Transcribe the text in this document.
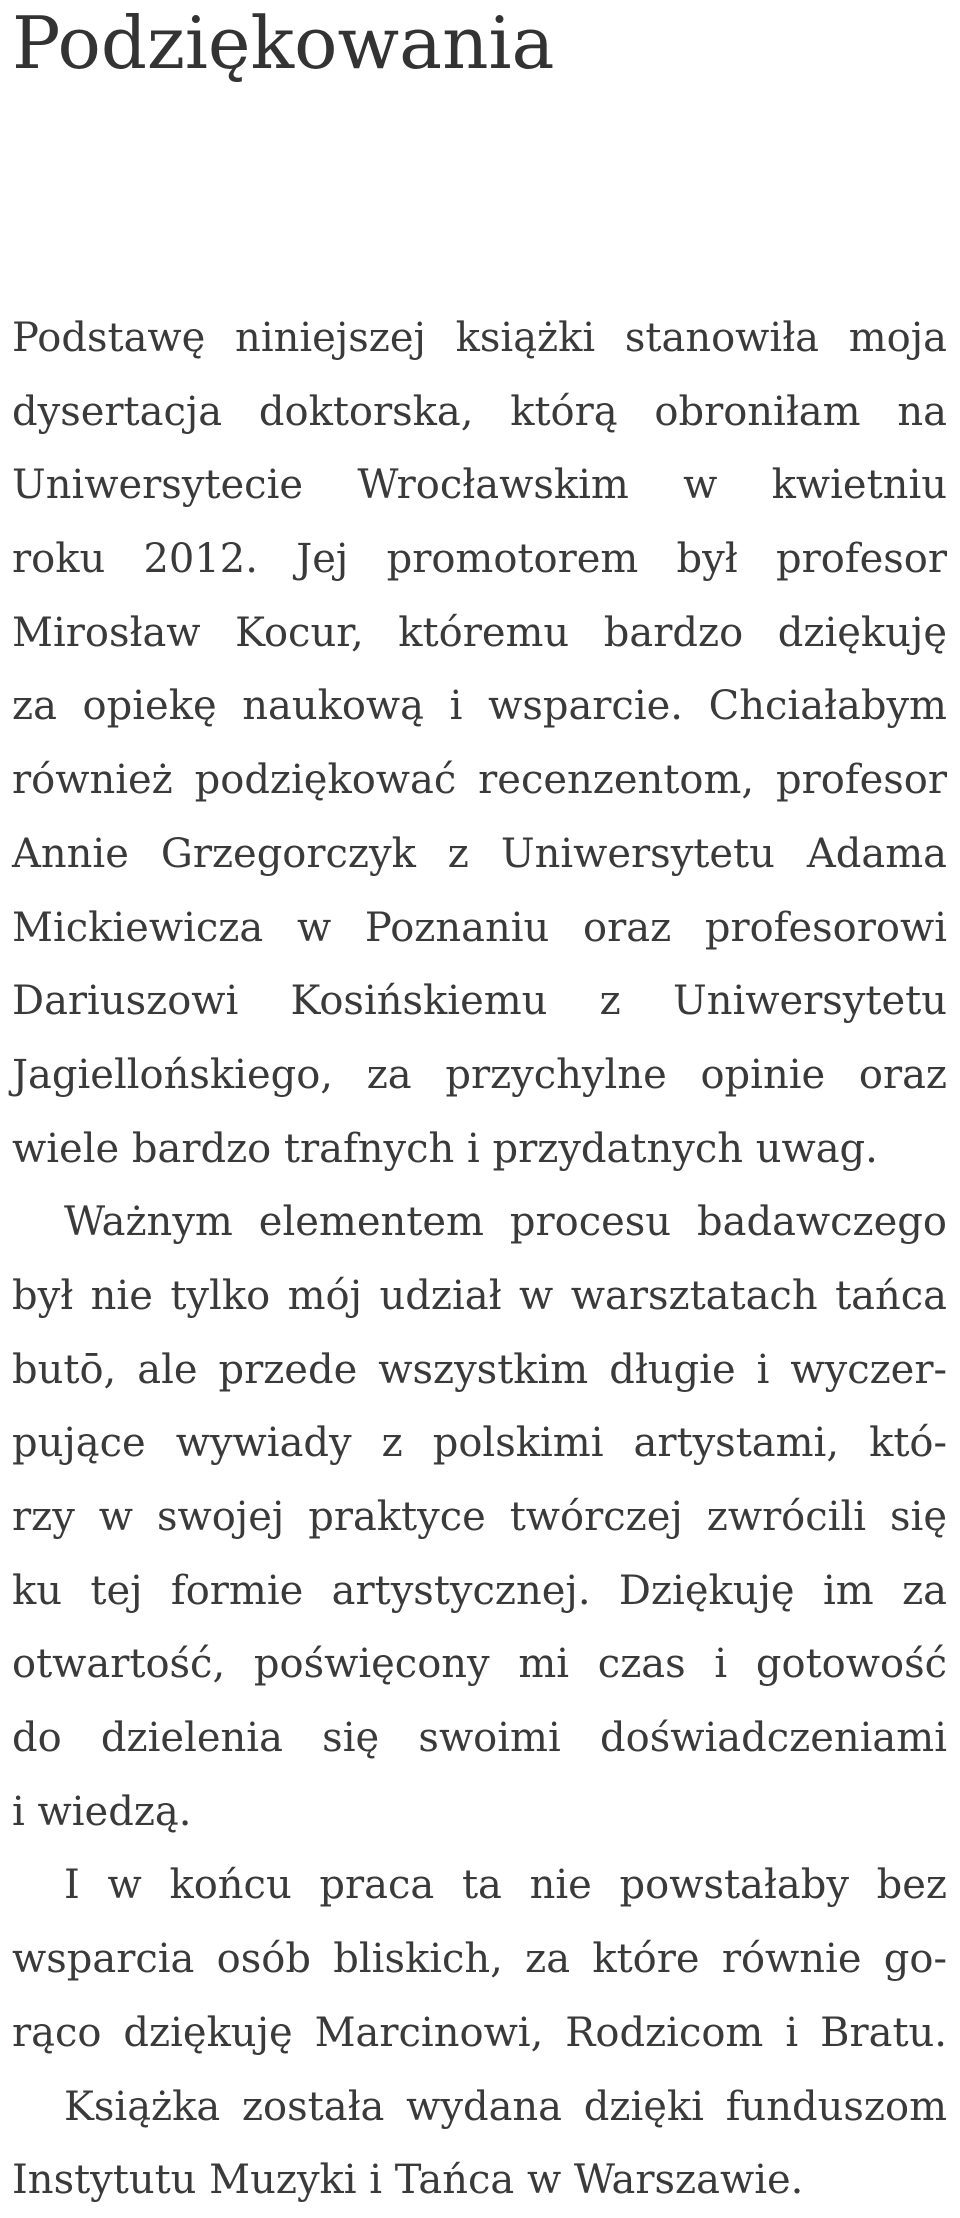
Podziękowania
Podstawę niniejszej książki stanowiła moja
dysertacja doktorska, którą obroniłam na
Uniwersytecie Wrocławskim w kwietniu
roku 2012. Jej promotorem był profesor
Mirosław Kocur, któremu bardzo dziękuję
za opiekę naukową i wsparcie. Chciałabym
również podziękować recenzentom, profesor
Annie Grzegorczyk z Uniwersytetu Adama
Mickiewicza w Poznaniu oraz profesorowi
Dariuszowi Kosińskiemu z Uniwersytetu
Jagiellońskiego, za przychylne opinie oraz
wiele bardzo trafnych i przydatnych uwag.
Ważnym elementem procesu badawczego
był nie tylko mój udział w warsztatach tańca
butō, ale przede wszystkim długie i wyczer-
pujące wywiady z polskimi artystami, któ-
rzy w swojej praktyce twórczej zwrócili się
ku tej formie artystycznej. Dziękuję im za
otwartość, poświęcony mi czas i gotowość
do dzielenia się swoimi doświadczeniami
i wiedzą.
I w końcu praca ta nie powstałaby bez
wsparcia osób bliskich, za które równie go-
rąco dziękuję Marcinowi, Rodzicom i Bratu.
Książka została wydana dzięki funduszom
Instytutu Muzyki i Tańca w Warszawie.
